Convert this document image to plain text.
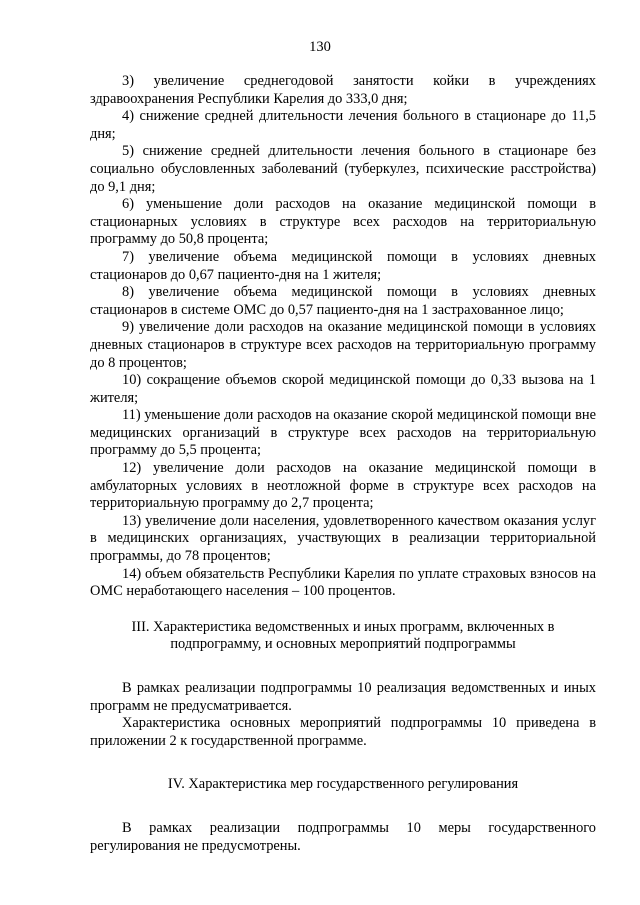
130

3) увеличение среднегодовой занятости койки в учреждениях здравоохранения Республики Карелия до 333,0 дня;

4) снижение средней длительности лечения больного в стационаре до 11,5 дня;

5) снижение средней длительности лечения больного в стационаре без социально обусловленных заболеваний (туберкулез, психические расстройства) до 9,1 дня;

6) уменьшение доли расходов на оказание медицинской помощи в стационарных условиях в структуре всех расходов на территориальную программу до 50,8 процента;

7) увеличение объема медицинской помощи в условиях дневных стационаров до 0,67 пациенто-дня на 1 жителя;

8) увеличение объема медицинской помощи в условиях дневных стационаров в системе ОМС до 0,57 пациенто-дня на 1 застрахованное лицо;

9) увеличение доли расходов на оказание медицинской помощи в условиях дневных стационаров в структуре всех расходов на территориальную программу до 8 процентов;

10) сокращение объемов скорой медицинской помощи до 0,33 вызова на 1 жителя;

11) уменьшение доли расходов на оказание скорой медицинской помощи вне медицинских организаций в структуре всех расходов на территориальную программу до 5,5 процента;

12) увеличение доли расходов на оказание медицинской помощи в амбулаторных условиях в неотложной форме в структуре всех расходов на территориальную программу до 2,7 процента;

13) увеличение доли населения, удовлетворенного качеством оказания услуг в медицинских организациях, участвующих в реализации территориальной программы, до 78 процентов;

14) объем обязательств Республики Карелия по уплате страховых взносов на ОМС неработающего населения – 100 процентов.

III. Характеристика ведомственных и иных программ, включенных в подпрограмму, и основных мероприятий подпрограммы

В рамках реализации подпрограммы 10 реализация ведомственных и иных программ не предусматривается.

Характеристика основных мероприятий подпрограммы 10 приведена в приложении 2 к государственной программе.

IV. Характеристика мер государственного регулирования

В рамках реализации подпрограммы 10 меры государственного регулирования не предусмотрены.
